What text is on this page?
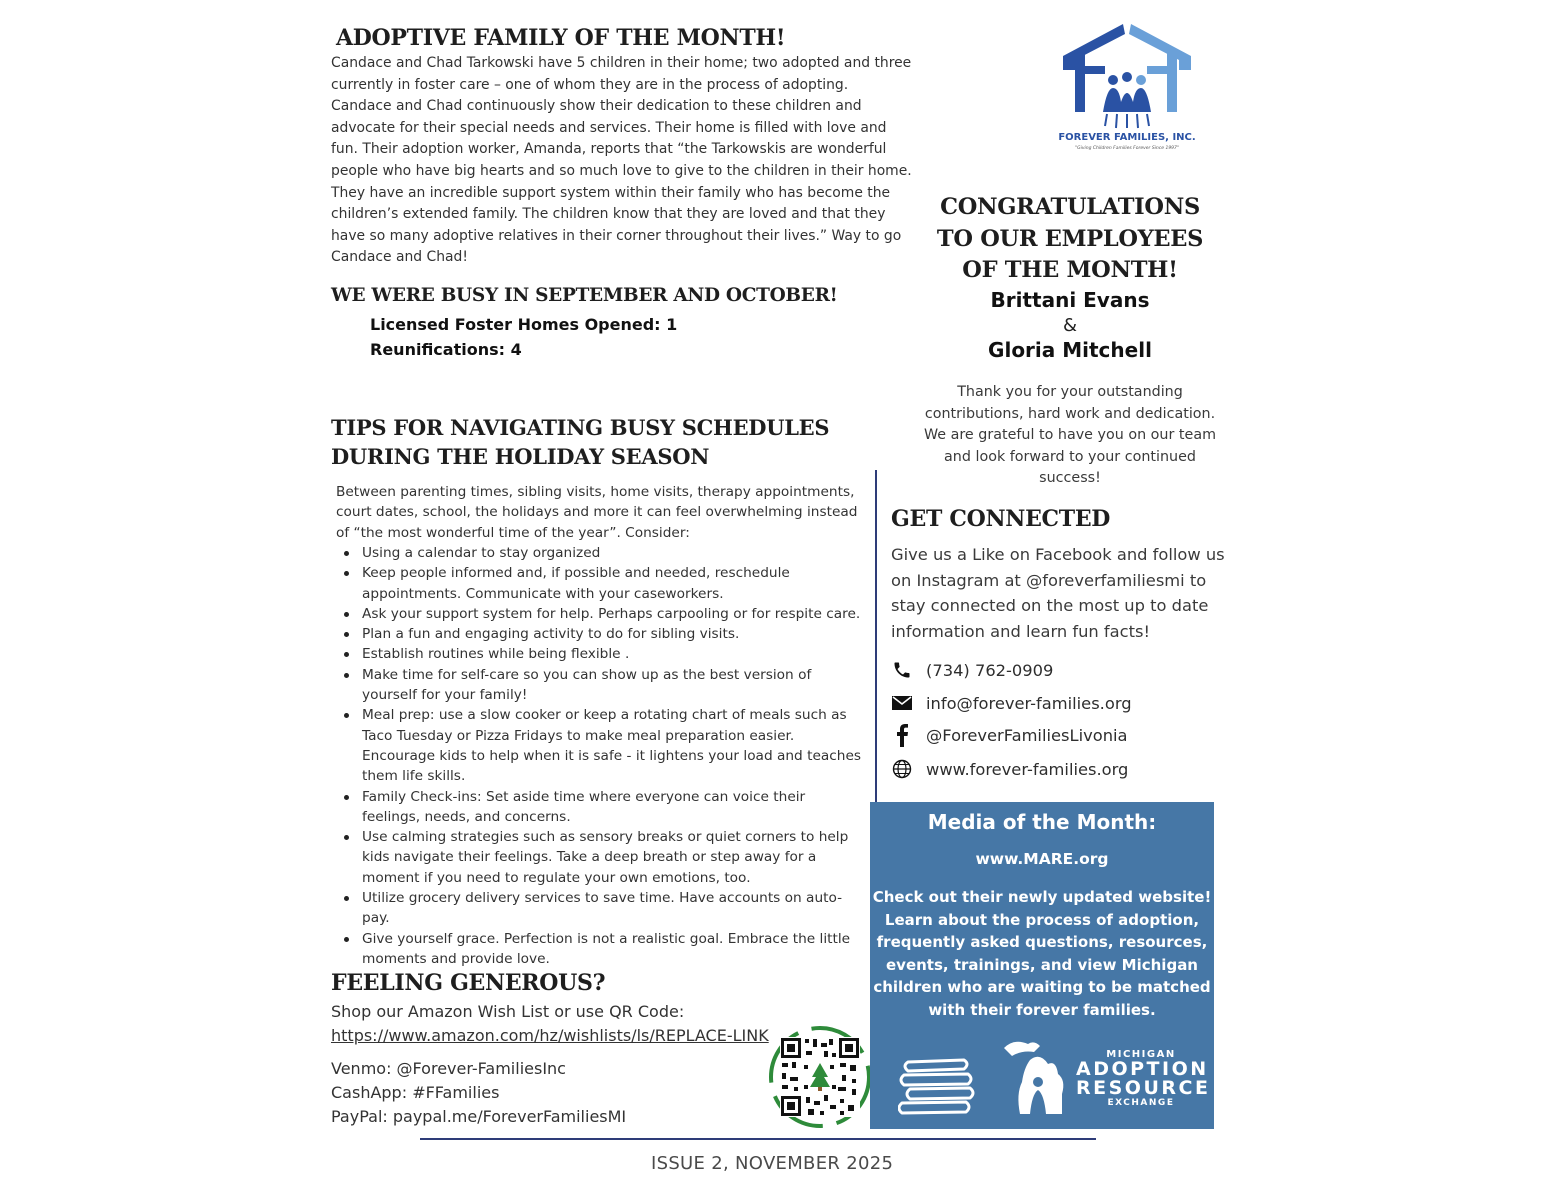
ADOPTIVE FAMILY OF THE MONTH!
Candace and Chad Tarkowski have 5 children in their home; two adopted and three currently in foster care – one of whom they are in the process of adopting. Candace and Chad continuously show their dedication to these children and advocate for their special needs and services. Their home is filled with love and fun. Their adoption worker, Amanda, reports that “the Tarkowskis are wonderful people who have big hearts and so much love to give to the children in their home. They have an incredible support system within their family who has become the children’s extended family. The children know that they are loved and that they have so many adoptive relatives in their corner throughout their lives.” Way to go Candace and Chad!
WE WERE BUSY IN SEPTEMBER AND OCTOBER!
Licensed Foster Homes Opened: 1
Reunifications: 4
TIPS FOR NAVIGATING BUSY SCHEDULES DURING THE HOLIDAY SEASON
Between parenting times, sibling visits, home visits, therapy appointments, court dates, school, the holidays and more it can feel overwhelming instead of “the most wonderful time of the year”. Consider:
Using a calendar to stay organized
Keep people informed and, if possible and needed, reschedule appointments. Communicate with your caseworkers.
Ask your support system for help. Perhaps carpooling or for respite care.
Plan a fun and engaging activity to do for sibling visits.
Establish routines while being flexible .
Make time for self-care so you can show up as the best version of yourself for your family!
Meal prep: use a slow cooker or keep a rotating chart of meals such as Taco Tuesday or Pizza Fridays to make meal preparation easier. Encourage kids to help when it is safe - it lightens your load and teaches them life skills.
Family Check-ins: Set aside time where everyone can voice their feelings, needs, and concerns.
Use calming strategies such as sensory breaks or quiet corners to help kids navigate their feelings. Take a deep breath or step away for a moment if you need to regulate your own emotions, too.
Utilize grocery delivery services to save time. Have accounts on auto-pay.
Give yourself grace. Perfection is not a realistic goal. Embrace the little moments and provide love.
FEELING GENEROUS?
Shop our Amazon Wish List or use QR Code:
https://www.amazon.com/hz/wishlists/ls/REPLACE-LINK
Venmo: @Forever-FamiliesInc
CashApp: #FFamilies
PayPal: paypal.me/ForeverFamiliesMI
ISSUE 2, NOVEMBER 2025
FOREVER FAMILIES, INC.
"Giving Children Families Forever Since 1997"
CONGRATULATIONS
TO OUR EMPLOYEES
OF THE MONTH!
Brittani Evans
&
Gloria Mitchell
Thank you for your outstanding contributions, hard work and dedication. We are grateful to have you on our team and look forward to your continued success!
GET CONNECTED
Give us a Like on Facebook and follow us on Instagram at @foreverfamiliesmi to stay connected on the most up to date information and learn fun facts!
(734) 762-0909
info@forever-families.org
@ForeverFamiliesLivonia
www.forever-families.org
Media of the Month:
www.MARE.org
Check out their newly updated website! Learn about the process of adoption, frequently asked questions, resources, events, trainings, and view Michigan children who are waiting to be matched with their forever families.
MICHIGAN
ADOPTION
RESOURCE
EXCHANGE
